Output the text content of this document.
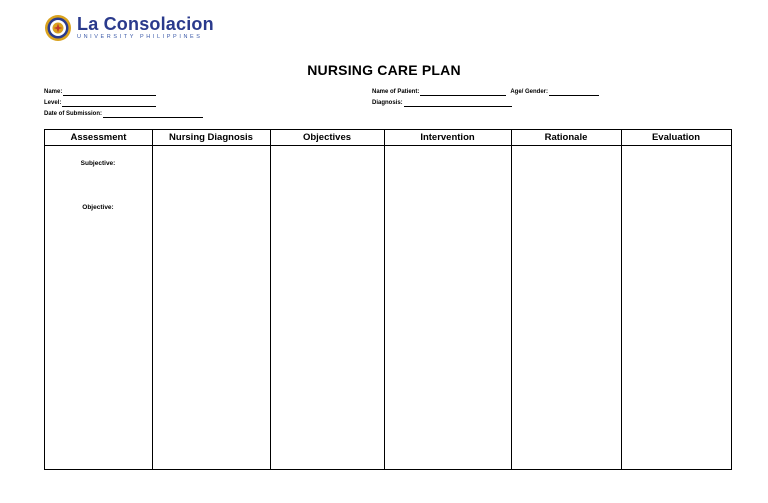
La Consolacion
UNIVERSITY PHILIPPINES
NURSING CARE PLAN
Name:
Level:
Date of Submission:
Name of Patient:	Age/ Gender:
Diagnosis:
Assessment	Nursing Diagnosis	Objectives	Intervention	Rationale	Evaluation
Subjective:
Objective:
